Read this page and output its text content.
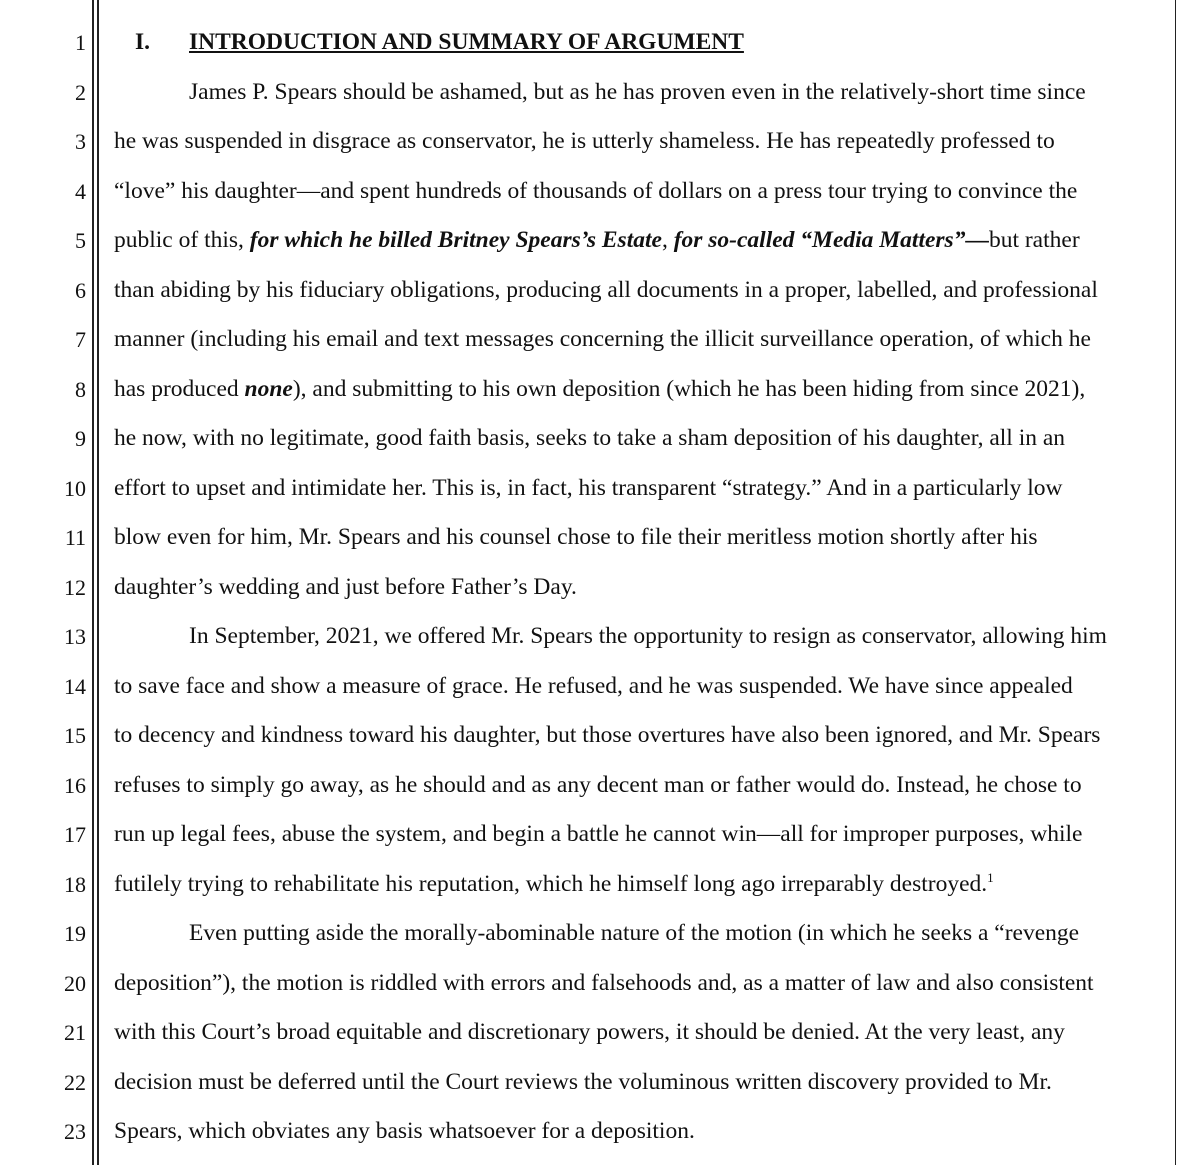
1
2
3
4
5
6
7
8
9
10
11
12
13
14
15
16
17
18
19
20
21
22
23
I. INTRODUCTION AND SUMMARY OF ARGUMENT
James P. Spears should be ashamed, but as he has proven even in the relatively-short time since
he was suspended in disgrace as conservator, he is utterly shameless. He has repeatedly professed to
“love” his daughter—and spent hundreds of thousands of dollars on a press tour trying to convince the
public of this, for which he billed Britney Spears’s Estate, for so-called “Media Matters”—but rather
than abiding by his fiduciary obligations, producing all documents in a proper, labelled, and professional
manner (including his email and text messages concerning the illicit surveillance operation, of which he
has produced none), and submitting to his own deposition (which he has been hiding from since 2021),
he now, with no legitimate, good faith basis, seeks to take a sham deposition of his daughter, all in an
effort to upset and intimidate her. This is, in fact, his transparent “strategy.” And in a particularly low
blow even for him, Mr. Spears and his counsel chose to file their meritless motion shortly after his
daughter’s wedding and just before Father’s Day.
In September, 2021, we offered Mr. Spears the opportunity to resign as conservator, allowing him
to save face and show a measure of grace. He refused, and he was suspended. We have since appealed
to decency and kindness toward his daughter, but those overtures have also been ignored, and Mr. Spears
refuses to simply go away, as he should and as any decent man or father would do. Instead, he chose to
run up legal fees, abuse the system, and begin a battle he cannot win—all for improper purposes, while
futilely trying to rehabilitate his reputation, which he himself long ago irreparably destroyed.$^1$
Even putting aside the morally-abominable nature of the motion (in which he seeks a “revenge
deposition”), the motion is riddled with errors and falsehoods and, as a matter of law and also consistent
with this Court’s broad equitable and discretionary powers, it should be denied. At the very least, any
decision must be deferred until the Court reviews the voluminous written discovery provided to Mr.
Spears, which obviates any basis whatsoever for a deposition.
